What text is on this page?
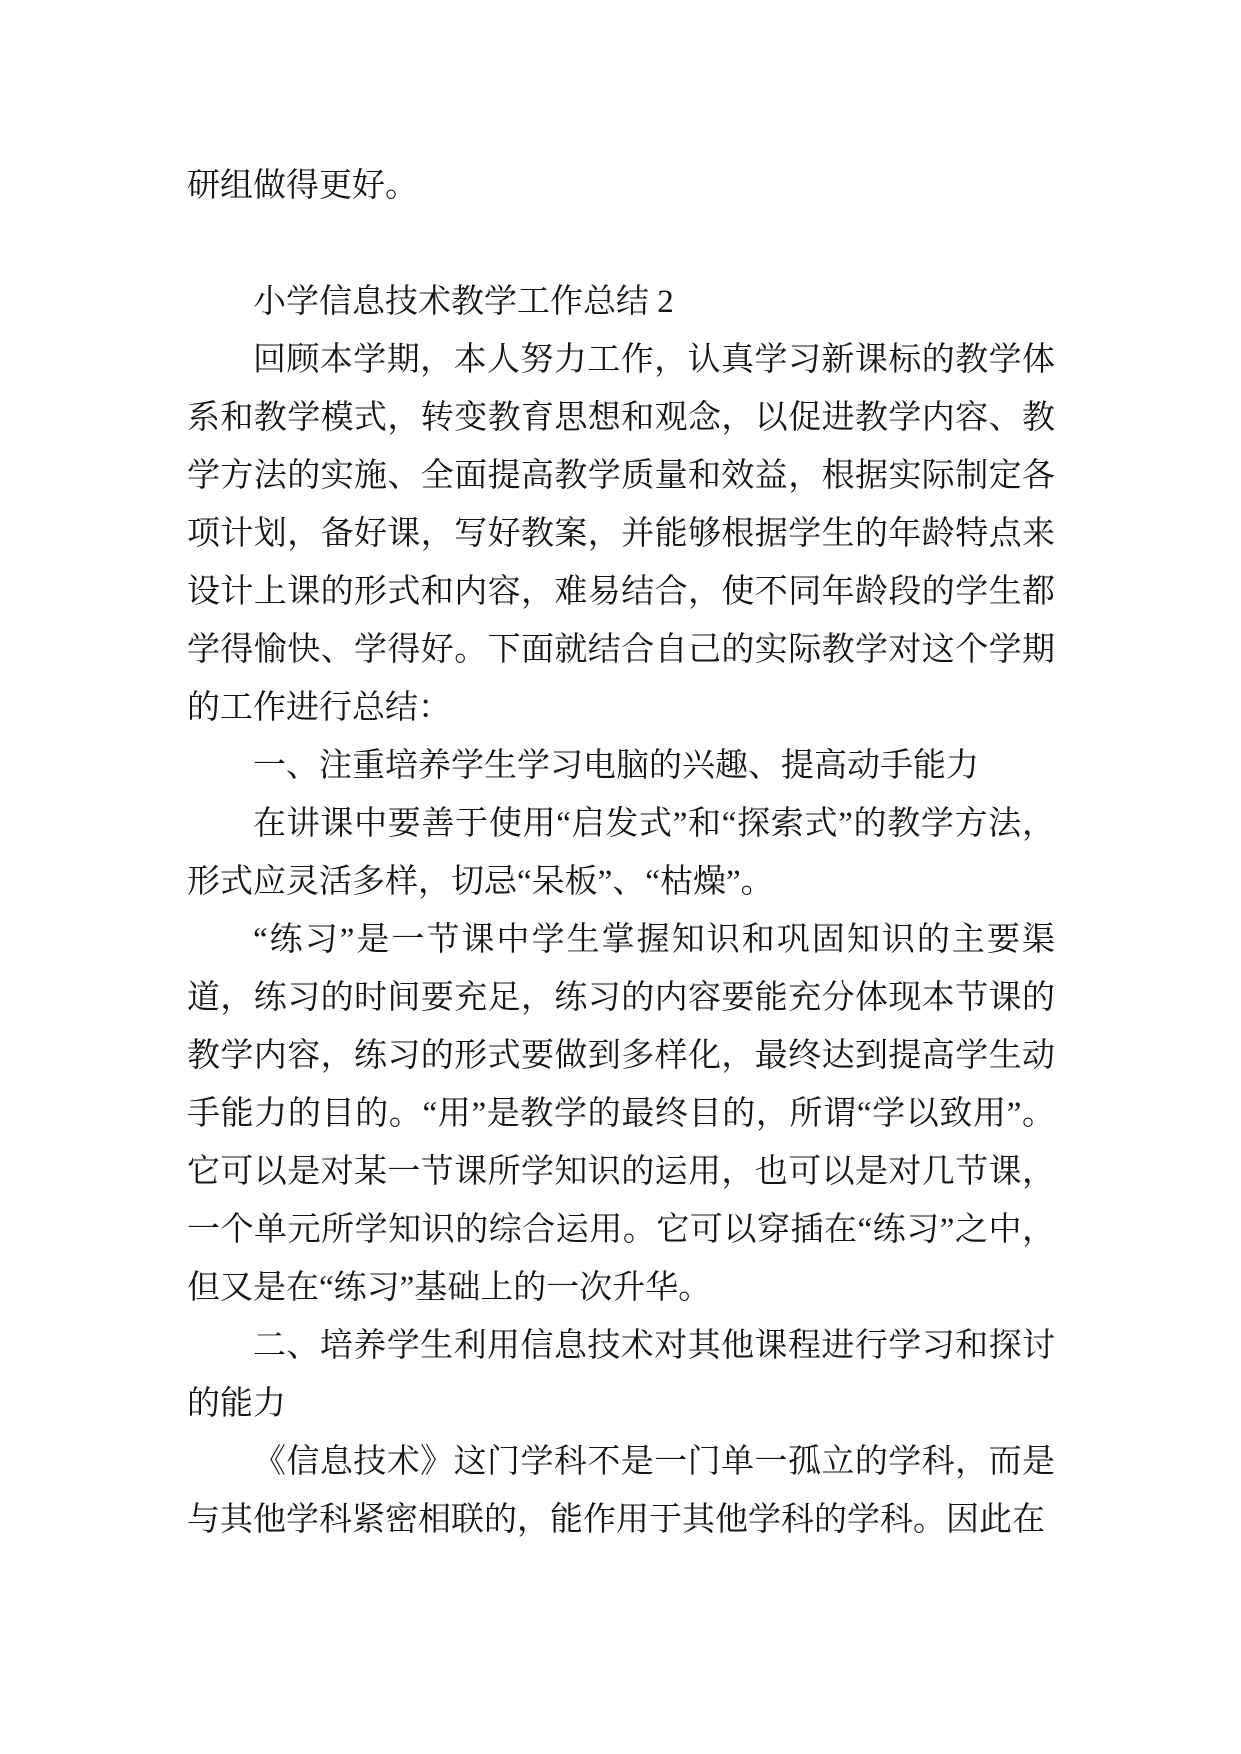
研组做得更好。

小学信息技术教学工作总结 2

回顾本学期，本人努力工作，认真学习新课标的教学体系和教学模式，转变教育思想和观念，以促进教学内容、教学方法的实施、全面提高教学质量和效益，根据实际制定各项计划，备好课，写好教案，并能够根据学生的年龄特点来设计上课的形式和内容，难易结合，使不同年龄段的学生都学得愉快、学得好。下面就结合自己的实际教学对这个学期的工作进行总结：

一、注重培养学生学习电脑的兴趣、提高动手能力

在讲课中要善于使用“启发式”和“探索式”的教学方法，形式应灵活多样，切忌“呆板”、“枯燥”。

“练习”是一节课中学生掌握知识和巩固知识的主要渠道，练习的时间要充足，练习的内容要能充分体现本节课的教学内容，练习的形式要做到多样化，最终达到提高学生动手能力的目的。“用”是教学的最终目的，所谓“学以致用”。它可以是对某一节课所学知识的运用，也可以是对几节课，一个单元所学知识的综合运用。它可以穿插在“练习”之中，但又是在“练习”基础上的一次升华。

二、培养学生利用信息技术对其他课程进行学习和探讨的能力

《信息技术》这门学科不是一门单一孤立的学科，而是与其他学科紧密相联的，能作用于其他学科的学科。因此在
